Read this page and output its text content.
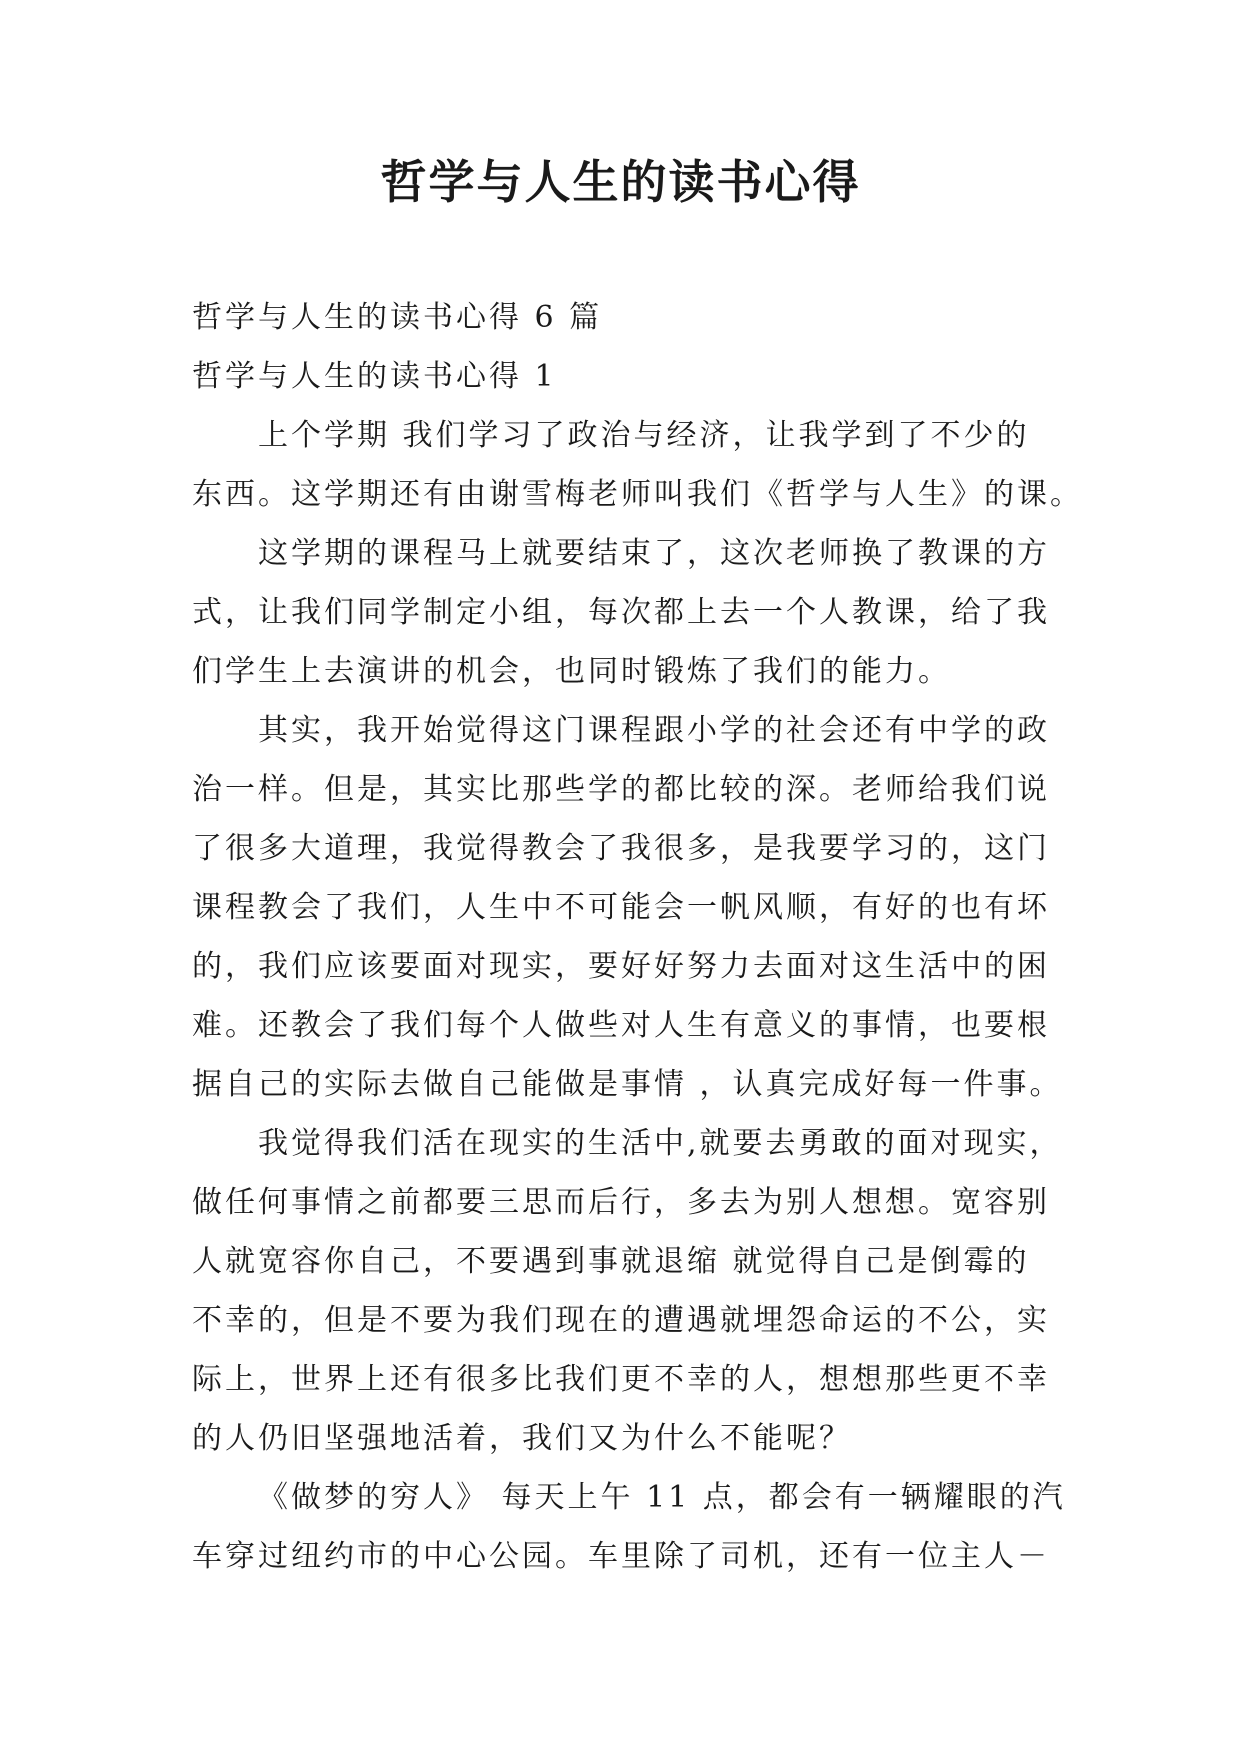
哲学与人生的读书心得

哲学与人生的读书心得 6 篇

哲学与人生的读书心得 1

上个学期 我们学习了政治与经济，让我学到了不少的

东西。这学期还有由谢雪梅老师叫我们《哲学与人生》的课。

这学期的课程马上就要结束了，这次老师换了教课的方

式，让我们同学制定小组，每次都上去一个人教课，给了我

们学生上去演讲的机会，也同时锻炼了我们的能力。

其实，我开始觉得这门课程跟小学的社会还有中学的政

治一样。但是，其实比那些学的都比较的深。老师给我们说

了很多大道理，我觉得教会了我很多，是我要学习的，这门

课程教会了我们，人生中不可能会一帆风顺，有好的也有坏

的，我们应该要面对现实，要好好努力去面对这生活中的困

难。还教会了我们每个人做些对人生有意义的事情，也要根

据自己的实际去做自己能做是事情 ，认真完成好每一件事。

我觉得我们活在现实的生活中,就要去勇敢的面对现实，

做任何事情之前都要三思而后行，多去为别人想想。宽容别

人就宽容你自己，不要遇到事就退缩 就觉得自己是倒霉的

不幸的，但是不要为我们现在的遭遇就埋怨命运的不公，实

际上，世界上还有很多比我们更不幸的人，想想那些更不幸

的人仍旧坚强地活着，我们又为什么不能呢？

《做梦的穷人》 每天上午 11 点，都会有一辆耀眼的汽

车穿过纽约市的中心公园。车里除了司机，还有一位主人－
